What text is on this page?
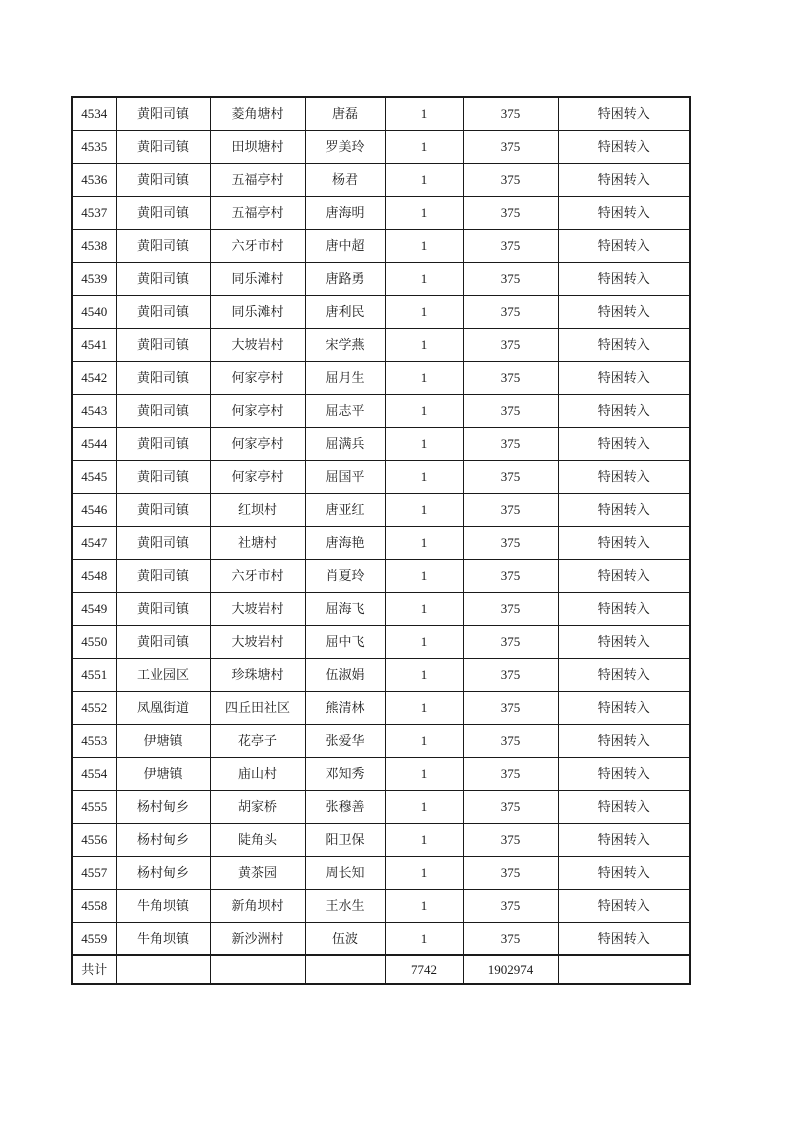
4534	黄阳司镇	菱角塘村	唐磊	1	375	特困转入
4535	黄阳司镇	田坝塘村	罗美玲	1	375	特困转入
4536	黄阳司镇	五福亭村	杨君	1	375	特困转入
4537	黄阳司镇	五福亭村	唐海明	1	375	特困转入
4538	黄阳司镇	六牙市村	唐中超	1	375	特困转入
4539	黄阳司镇	同乐滩村	唐路勇	1	375	特困转入
4540	黄阳司镇	同乐滩村	唐利民	1	375	特困转入
4541	黄阳司镇	大坡岩村	宋学燕	1	375	特困转入
4542	黄阳司镇	何家亭村	屈月生	1	375	特困转入
4543	黄阳司镇	何家亭村	屈志平	1	375	特困转入
4544	黄阳司镇	何家亭村	屈满兵	1	375	特困转入
4545	黄阳司镇	何家亭村	屈国平	1	375	特困转入
4546	黄阳司镇	红坝村	唐亚红	1	375	特困转入
4547	黄阳司镇	社塘村	唐海艳	1	375	特困转入
4548	黄阳司镇	六牙市村	肖夏玲	1	375	特困转入
4549	黄阳司镇	大坡岩村	屈海飞	1	375	特困转入
4550	黄阳司镇	大坡岩村	屈中飞	1	375	特困转入
4551	工业园区	珍珠塘村	伍淑娟	1	375	特困转入
4552	凤凰街道	四丘田社区	熊清林	1	375	特困转入
4553	伊塘镇	花亭子	张爱华	1	375	特困转入
4554	伊塘镇	庙山村	邓知秀	1	375	特困转入
4555	杨村甸乡	胡家桥	张穆善	1	375	特困转入
4556	杨村甸乡	陡角头	阳卫保	1	375	特困转入
4557	杨村甸乡	黄茶园	周长知	1	375	特困转入
4558	牛角坝镇	新角坝村	王水生	1	375	特困转入
4559	牛角坝镇	新沙洲村	伍波	1	375	特困转入
共计				7742	1902974	
